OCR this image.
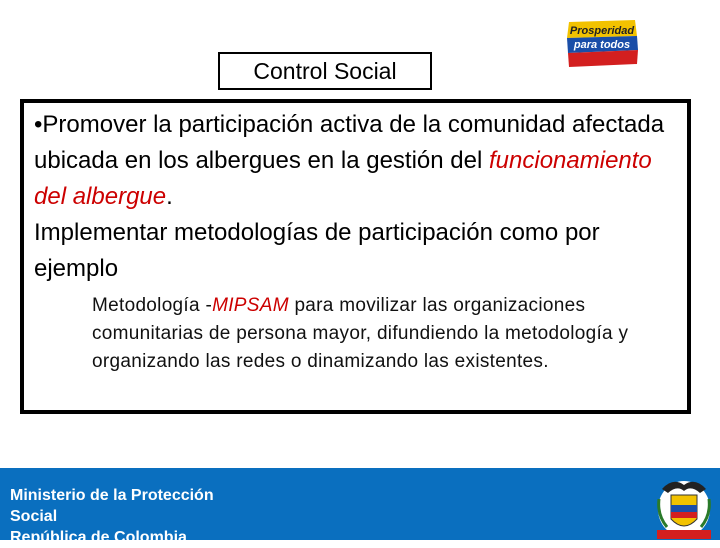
Prosperidad
para todos
Control Social

•Promover la participación activa de la comunidad afectada ubicada en los albergues en la gestión del funcionamiento del albergue.

Implementar metodologías de participación como por ejemplo

Metodología -MIPSAM para movilizar las organizaciones comunitarias de persona mayor, difundiendo la metodología y organizando las redes o dinamizando las existentes.
Ministerio de la Protección
Social
República de Colombia
